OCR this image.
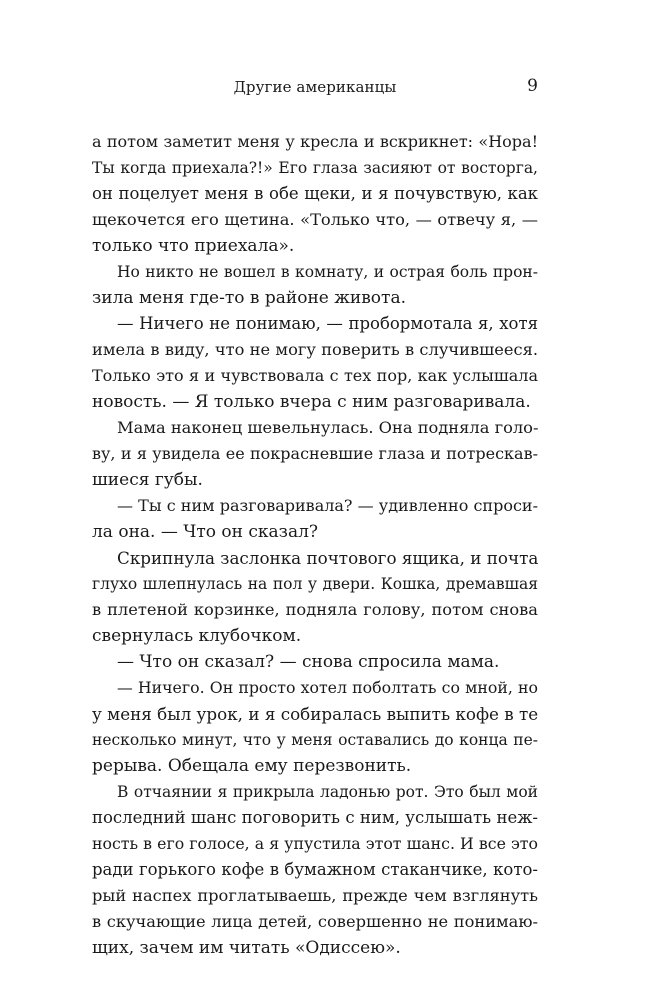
Другие американцы	9
а потом заметит меня у кресла и вскрикнет: «Нора!
Ты когда приехала?!» Его глаза засияют от восторга,
он поцелует меня в обе щеки, и я почувствую, как
щекочется его щетина. «Только что, — отвечу я, —
только что приехала».
Но никто не вошел в комнату, и острая боль прон-
зила меня где-то в районе живота.
— Ничего не понимаю, — пробормотала я, хотя
имела в виду, что не могу поверить в случившееся.
Только это я и чувствовала с тех пор, как услышала
новость. — Я только вчера с ним разговаривала.
Мама наконец шевельнулась. Она подняла голо-
ву, и я увидела ее покрасневшие глаза и потрескав-
шиеся губы.
— Ты с ним разговаривала? — удивленно спроси-
ла она. — Что он сказал?
Скрипнула заслонка почтового ящика, и почта
глухо шлепнулась на пол у двери. Кошка, дремавшая
в плетеной корзинке, подняла голову, потом снова
свернулась клубочком.
— Что он сказал? — снова спросила мама.
— Ничего. Он просто хотел поболтать со мной, но
у меня был урок, и я собиралась выпить кофе в те
несколько минут, что у меня оставались до конца пе-
рерыва. Обещала ему перезвонить.
В отчаянии я прикрыла ладонью рот. Это был мой
последний шанс поговорить с ним, услышать неж-
ность в его голосе, а я упустила этот шанс. И все это
ради горького кофе в бумажном стаканчике, кото-
рый наспех проглатываешь, прежде чем взглянуть
в скучающие лица детей, совершенно не понимаю-
щих, зачем им читать «Одиссею».
